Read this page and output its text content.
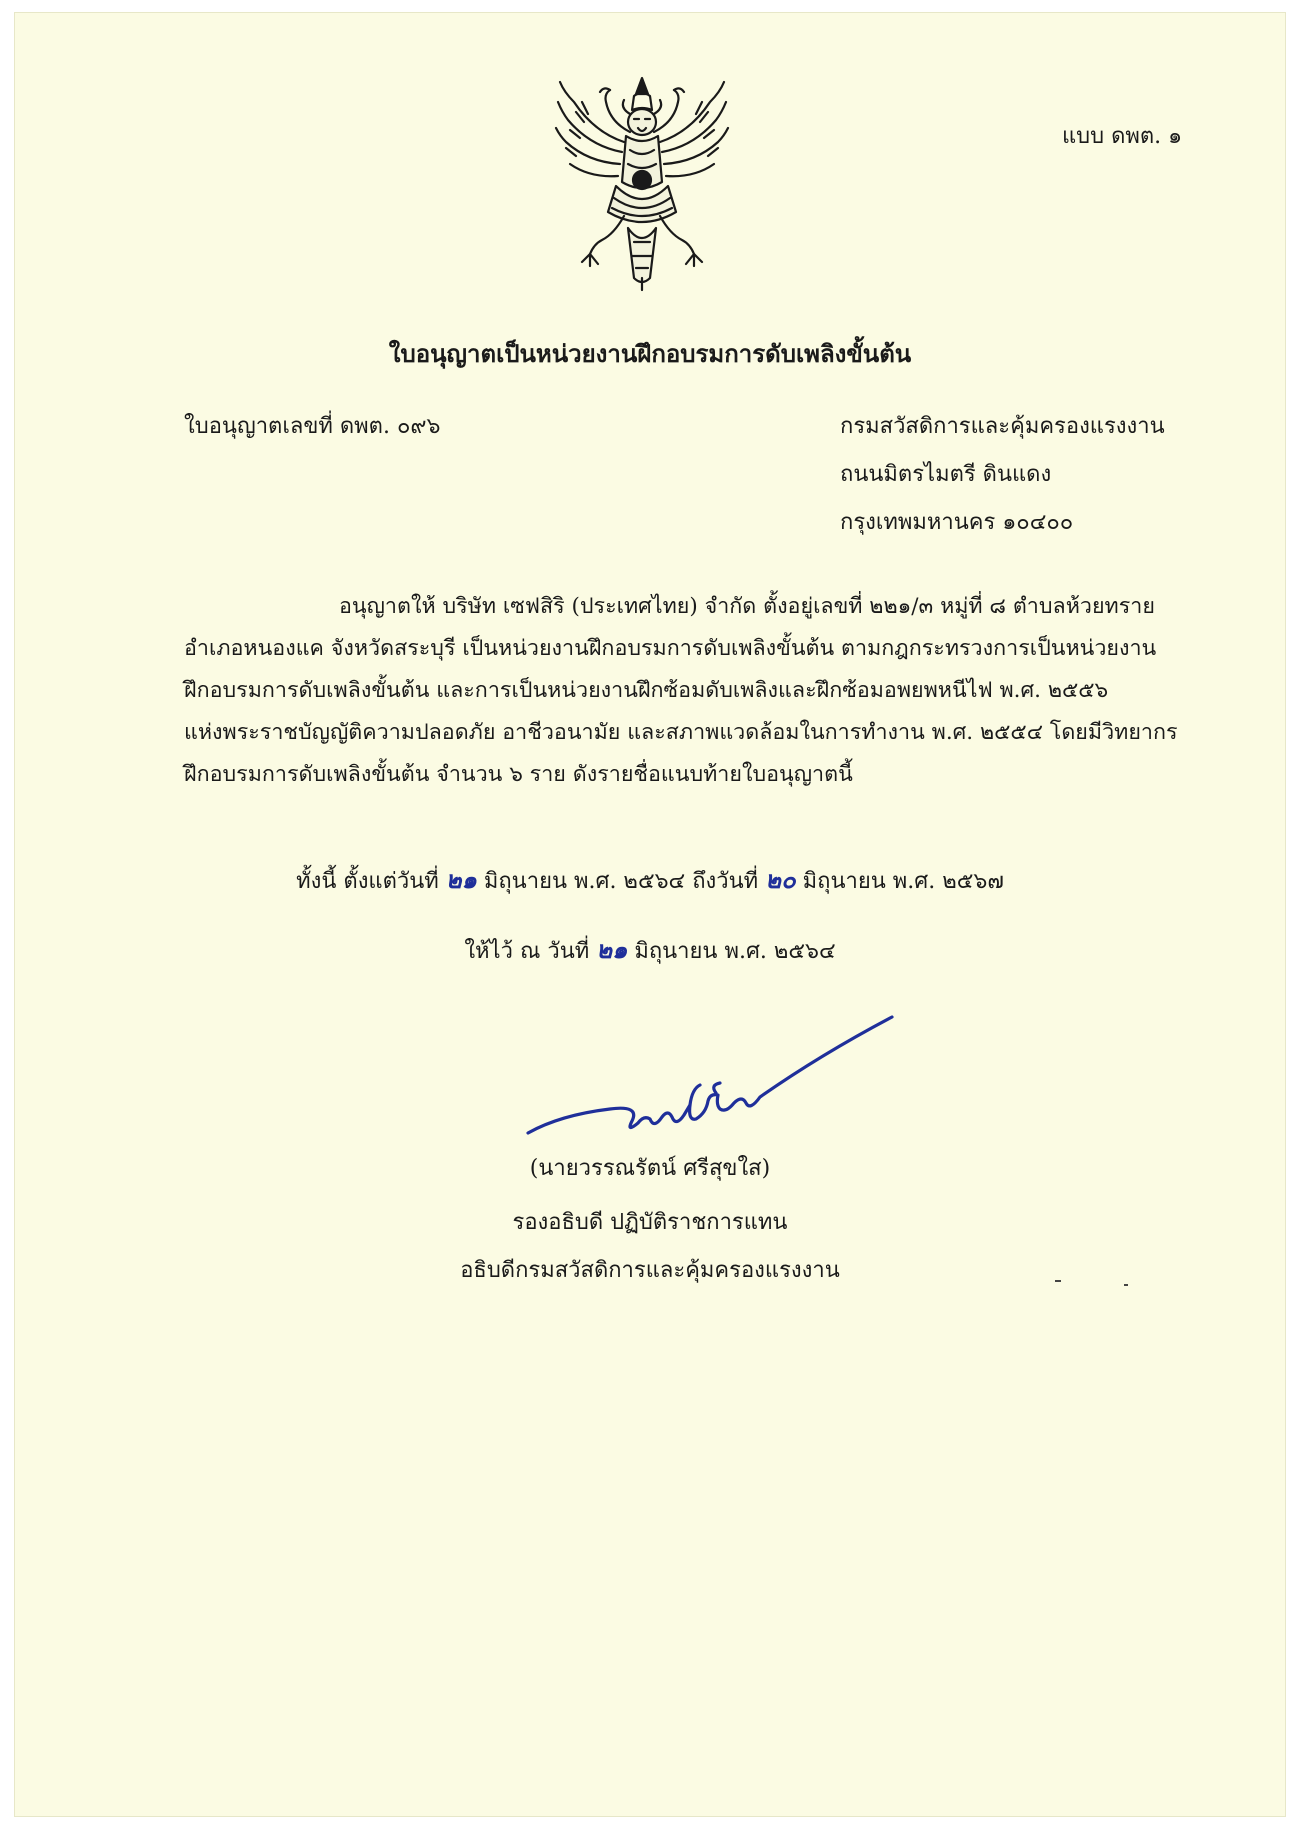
แบบ ดพต. ๑
ใบอนุญาตเป็นหน่วยงานฝึกอบรมการดับเพลิงขั้นต้น
ใบอนุญาตเลขที่ ดพต. ๐๙๖	กรมสวัสดิการและคุ้มครองแรงงาน
ถนนมิตรไมตรี ดินแดง
กรุงเทพมหานคร ๑๐๔๐๐
อนุญาตให้ บริษัท เซฟสิริ (ประเทศไทย) จำกัด ตั้งอยู่เลขที่ ๒๒๑/๓ หมู่ที่ ๘ ตำบลห้วยทราย
อำเภอหนองแค จังหวัดสระบุรี เป็นหน่วยงานฝึกอบรมการดับเพลิงขั้นต้น ตามกฎกระทรวงการเป็นหน่วยงาน
ฝึกอบรมการดับเพลิงขั้นต้น และการเป็นหน่วยงานฝึกซ้อมดับเพลิงและฝึกซ้อมอพยพหนีไฟ พ.ศ. ๒๕๕๖
แห่งพระราชบัญญัติความปลอดภัย อาชีวอนามัย และสภาพแวดล้อมในการทำงาน พ.ศ. ๒๕๕๔ โดยมีวิทยากร
ฝึกอบรมการดับเพลิงขั้นต้น จำนวน ๖ ราย ดังรายชื่อแนบท้ายใบอนุญาตนี้
ทั้งนี้ ตั้งแต่วันที่ ๒๑ มิถุนายน พ.ศ. ๒๕๖๔ ถึงวันที่ ๒๐ มิถุนายน พ.ศ. ๒๕๖๗
ให้ไว้ ณ วันที่ ๒๑ มิถุนายน พ.ศ. ๒๕๖๔
(นายวรรณรัตน์ ศรีสุขใส)
รองอธิบดี ปฏิบัติราชการแทน
อธิบดีกรมสวัสดิการและคุ้มครองแรงงาน
